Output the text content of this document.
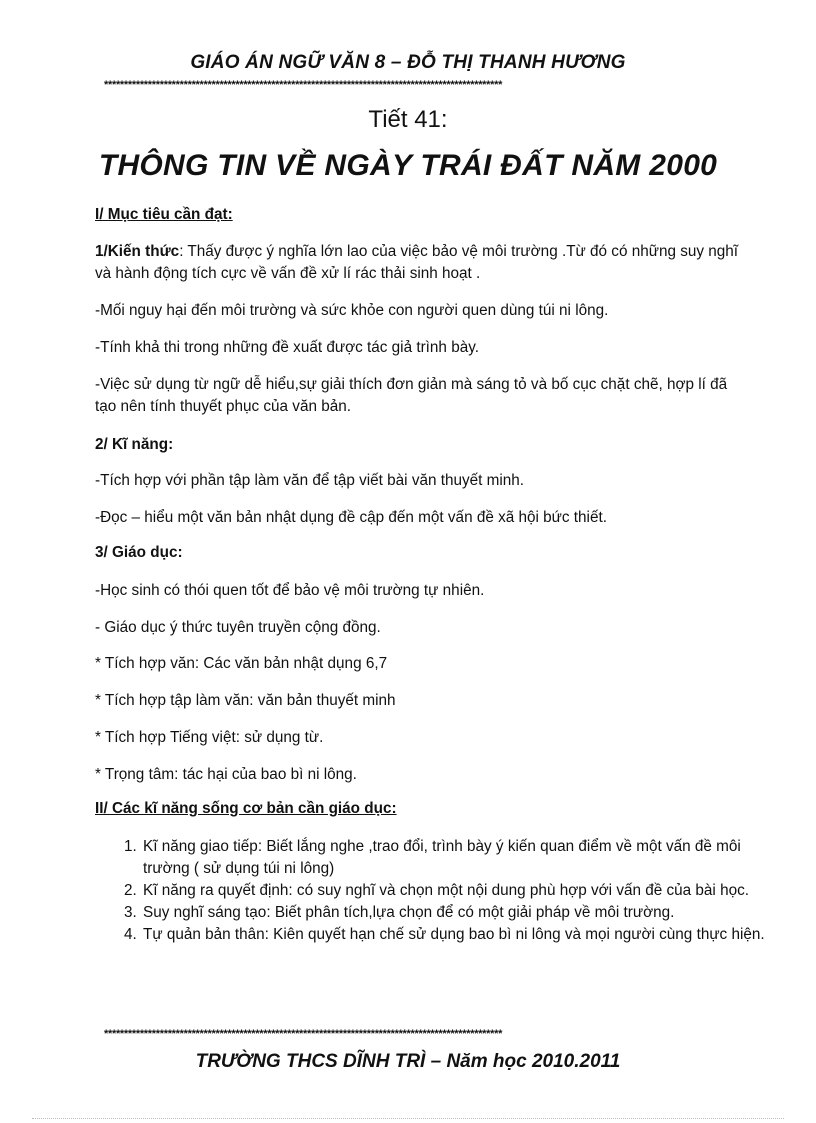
GIÁO ÁN NGỮ VĂN 8 – ĐỖ THỊ THANH HƯƠNG
****************************************************************************************************
Tiết 41:
THÔNG TIN VỀ NGÀY TRÁI ĐẤT NĂM 2000
I/ Mục tiêu cần đạt:
1/Kiến thức: Thấy được ý nghĩa lớn lao của việc bảo vệ môi trường .Từ đó có những suy nghĩ và hành động tích cực về vấn đề xử lí rác thải sinh hoạt .
-Mối nguy hại đến môi trường và sức khỏe con người quen dùng túi ni lông.
-Tính khả thi trong những đề xuất được tác giả trình bày.
-Việc sử dụng từ ngữ dễ hiểu,sự giải thích đơn giản mà sáng tỏ và bố cục chặt chẽ, hợp lí đã tạo nên tính thuyết phục của văn bản.
2/ Kĩ năng:
-Tích hợp với phần tập làm văn để tập viết bài văn thuyết minh.
-Đọc – hiểu một văn bản nhật dụng đề cập đến một vấn đề xã hội bức thiết.
3/ Giáo dục:
-Học sinh có thói quen tốt để bảo vệ môi trường tự nhiên.
- Giáo dục ý thức tuyên truyền cộng đồng.
* Tích hợp văn: Các văn bản nhật dụng 6,7
* Tích hợp tập làm văn: văn bản thuyết minh
* Tích hợp Tiếng việt: sử dụng từ.
* Trọng tâm: tác hại của bao bì ni lông.
II/ Các kĩ năng sống cơ bản cần giáo dục:
1. Kĩ năng giao tiếp: Biết lắng nghe ,trao đổi, trình bày ý kiến quan điểm về một vấn đề môi trường ( sử dụng túi ni lông)
2. Kĩ năng ra quyết định: có suy nghĩ và chọn một nội dung phù hợp với vấn đề của bài học.
3. Suy nghĩ sáng tạo: Biết phân tích,lựa chọn để có một giải pháp về môi trường.
4. Tự quản bản thân: Kiên quyết hạn chế sử dụng bao bì ni lông và mọi người cùng thực hiện.
****************************************************************************************************
TRƯỜNG THCS DĨNH TRÌ – Năm học 2010.2011
